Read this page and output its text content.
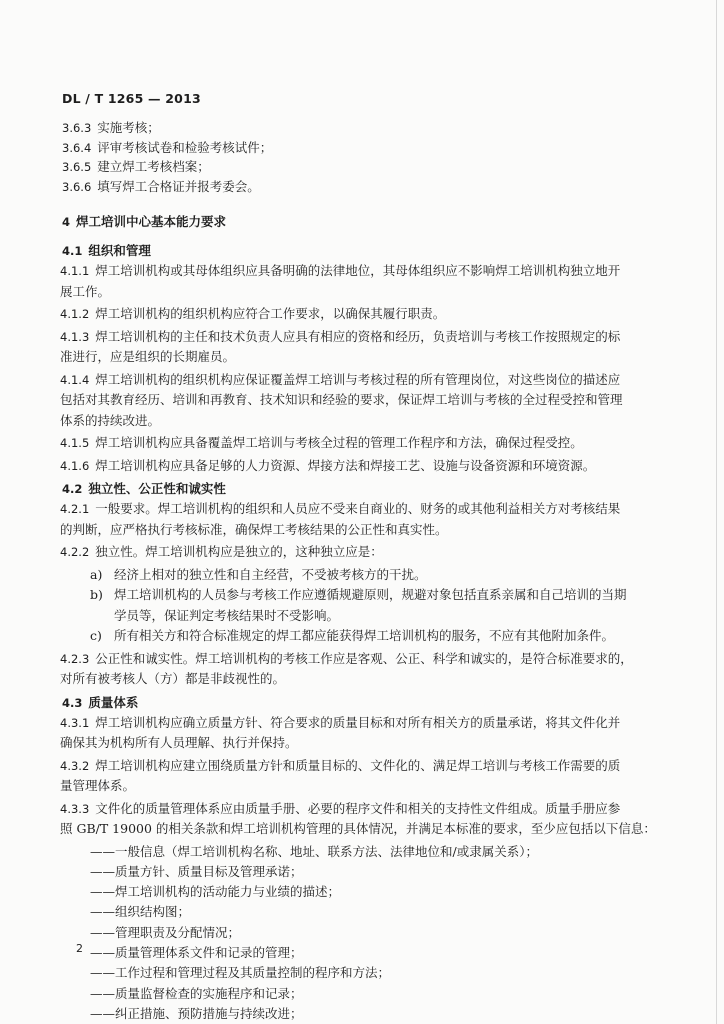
DL / T 1265 — 2013
3.6.3 实施考核；
3.6.4 评审考核试卷和检验考核试件；
3.6.5 建立焊工考核档案；
3.6.6 填写焊工合格证并报考委会。
4 焊工培训中心基本能力要求
4.1 组织和管理
4.1.1 焊工培训机构或其母体组织应具备明确的法律地位，其母体组织应不影响焊工培训机构独立地开
展工作。
4.1.2 焊工培训机构的组织机构应符合工作要求，以确保其履行职责。
4.1.3 焊工培训机构的主任和技术负责人应具有相应的资格和经历，负责培训与考核工作按照规定的标
准进行，应是组织的长期雇员。
4.1.4 焊工培训机构的组织机构应保证覆盖焊工培训与考核过程的所有管理岗位，对这些岗位的描述应
包括对其教育经历、培训和再教育、技术知识和经验的要求，保证焊工培训与考核的全过程受控和管理
体系的持续改进。
4.1.5 焊工培训机构应具备覆盖焊工培训与考核全过程的管理工作程序和方法，确保过程受控。
4.1.6 焊工培训机构应具备足够的人力资源、焊接方法和焊接工艺、设施与设备资源和环境资源。
4.2 独立性、公正性和诚实性
4.2.1 一般要求。焊工培训机构的组织和人员应不受来自商业的、财务的或其他利益相关方对考核结果
的判断，应严格执行考核标准，确保焊工考核结果的公正性和真实性。
4.2.2 独立性。焊工培训机构应是独立的，这种独立应是：
a) 经济上相对的独立性和自主经营，不受被考核方的干扰。
b) 焊工培训机构的人员参与考核工作应遵循规避原则，规避对象包括直系亲属和自己培训的当期
学员等，保证判定考核结果时不受影响。
c) 所有相关方和符合标准规定的焊工都应能获得焊工培训机构的服务，不应有其他附加条件。
4.2.3 公正性和诚实性。焊工培训机构的考核工作应是客观、公正、科学和诚实的，是符合标准要求的，
对所有被考核人（方）都是非歧视性的。
4.3 质量体系
4.3.1 焊工培训机构应确立质量方针、符合要求的质量目标和对所有相关方的质量承诺，将其文件化并
确保其为机构所有人员理解、执行并保持。
4.3.2 焊工培训机构应建立围绕质量方针和质量目标的、文件化的、满足焊工培训与考核工作需要的质
量管理体系。
4.3.3 文件化的质量管理体系应由质量手册、必要的程序文件和相关的支持性文件组成。质量手册应参
照 GB/T 19000 的相关条款和焊工培训机构管理的具体情况，并满足本标准的要求，至少应包括以下信息：
——一般信息（焊工培训机构名称、地址、联系方法、法律地位和/或隶属关系）；
——质量方针、质量目标及管理承诺；
——焊工培训机构的活动能力与业绩的描述；
——组织结构图；
——管理职责及分配情况；
——质量管理体系文件和记录的管理；
——工作过程和管理过程及其质量控制的程序和方法；
——质量监督检查的实施程序和记录；
——纠正措施、预防措施与持续改进；
2
